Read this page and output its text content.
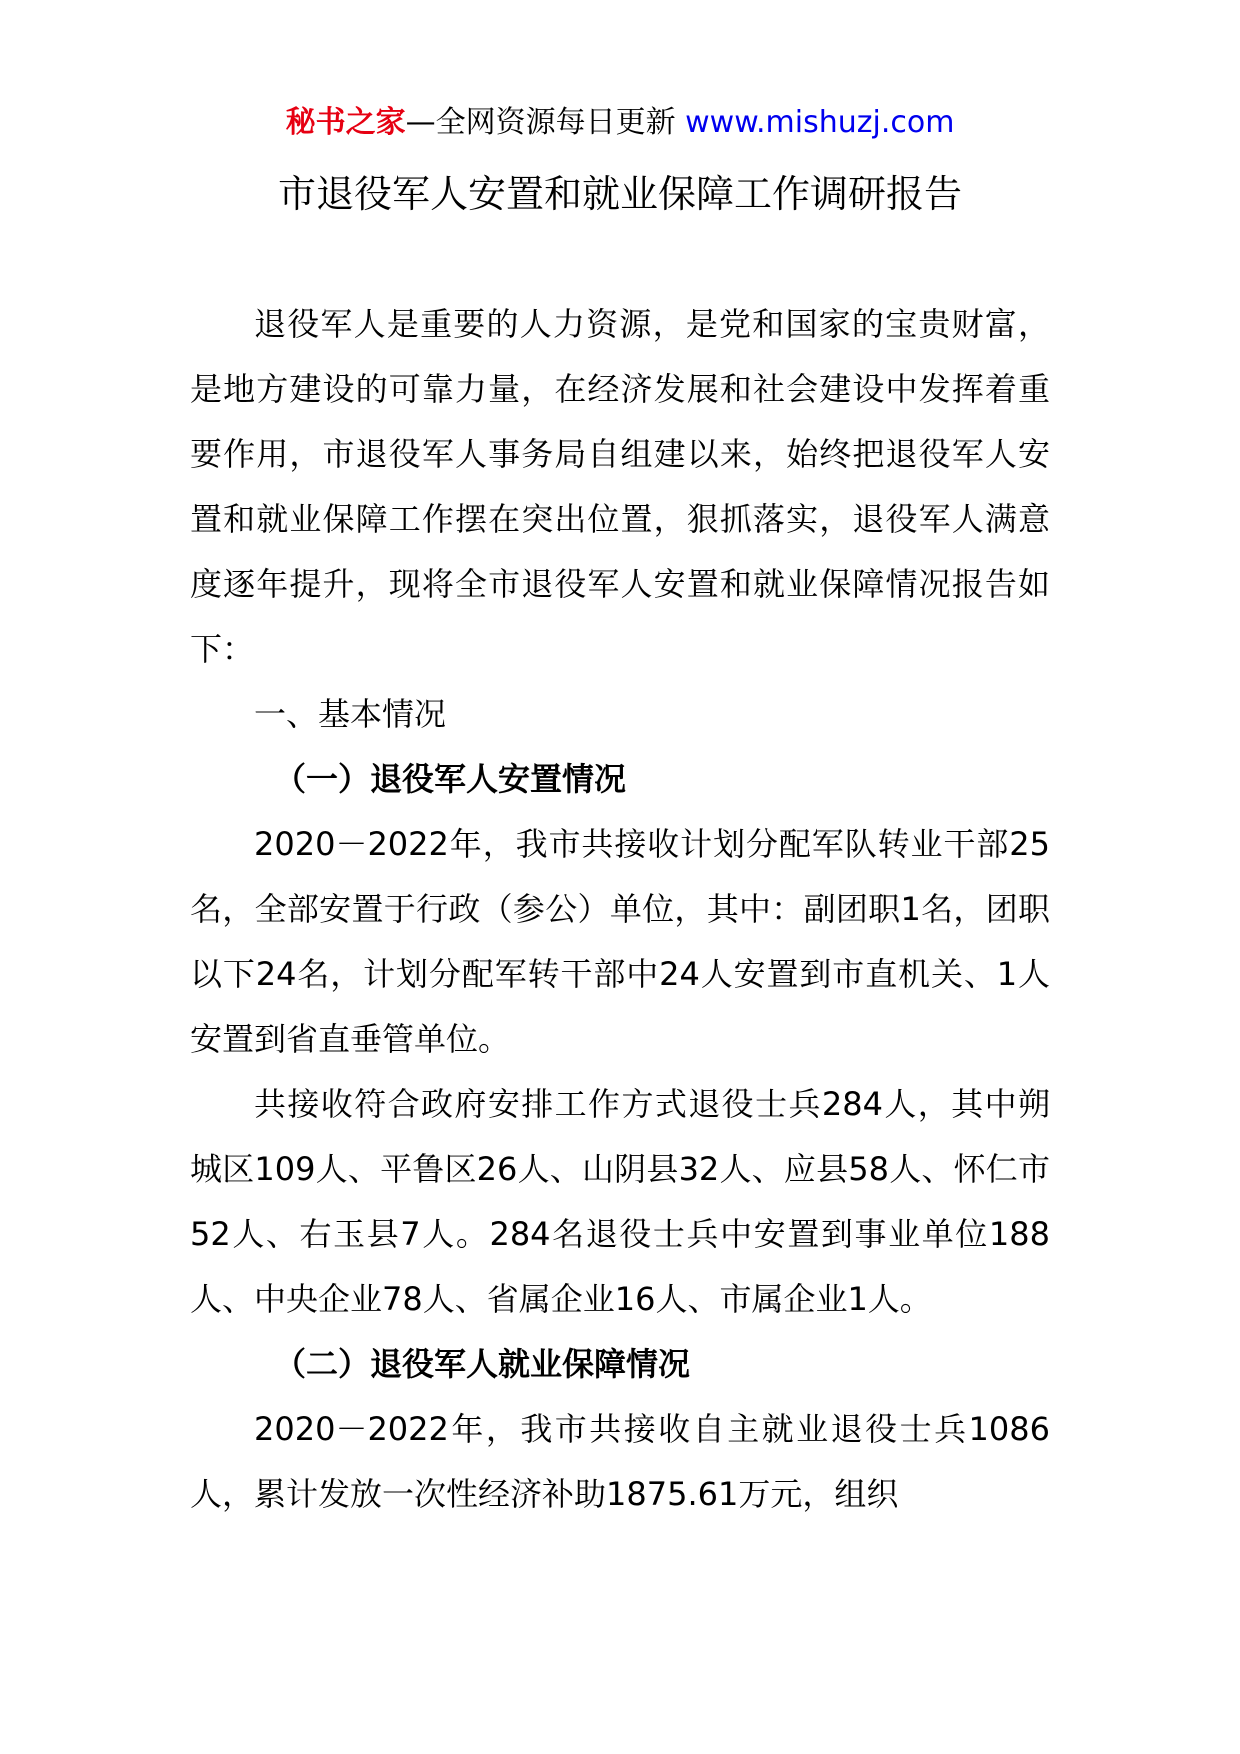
秘书之家—全网资源每日更新 www.mishuzj.com
市退役军人安置和就业保障工作调研报告

退役军人是重要的人力资源，是党和国家的宝贵财富，是地方建设的可靠力量，在经济发展和社会建设中发挥着重要作用，市退役军人事务局自组建以来，始终把退役军人安置和就业保障工作摆在突出位置，狠抓落实，退役军人满意度逐年提升，现将全市退役军人安置和就业保障情况报告如下：

一、基本情况

（一）退役军人安置情况

2020－2022年，我市共接收计划分配军队转业干部25名，全部安置于行政（参公）单位，其中：副团职1名，团职以下24名，计划分配军转干部中24人安置到市直机关、1人安置到省直垂管单位。

共接收符合政府安排工作方式退役士兵284人，其中朔城区109人、平鲁区26人、山阴县32人、应县58人、怀仁市52人、右玉县7人。284名退役士兵中安置到事业单位188人、中央企业78人、省属企业16人、市属企业1人。

（二）退役军人就业保障情况

2020－2022年，我市共接收自主就业退役士兵1086人，累计发放一次性经济补助1875.61万元，组织
